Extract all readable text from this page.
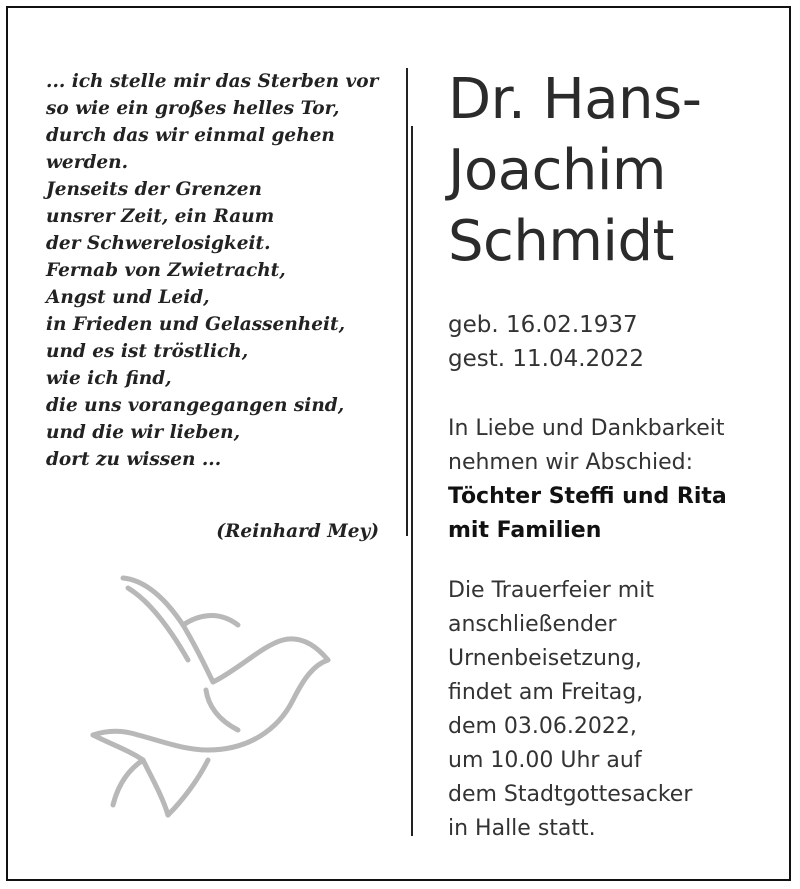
... ich stelle mir das Sterben vor
so wie ein großes helles Tor,
durch das wir einmal gehen
werden.
Jenseits der Grenzen
unsrer Zeit, ein Raum
der Schwerelosigkeit.
Fernab von Zwietracht,
Angst und Leid,
in Frieden und Gelassenheit,
und es ist tröstlich,
wie ich find,
die uns vorangegangen sind,
und die wir lieben,
dort zu wissen ...
(Reinhard Mey)
Dr. Hans-
Joachim
Schmidt
geb. 16.02.1937
gest. 11.04.2022
In Liebe und Dankbarkeit
nehmen wir Abschied:
Töchter Steffi und Rita
mit Familien
Die Trauerfeier mit
anschließender
Urnenbeisetzung,
findet am Freitag,
dem 03.06.2022,
um 10.00 Uhr auf
dem Stadtgottesacker
in Halle statt.
